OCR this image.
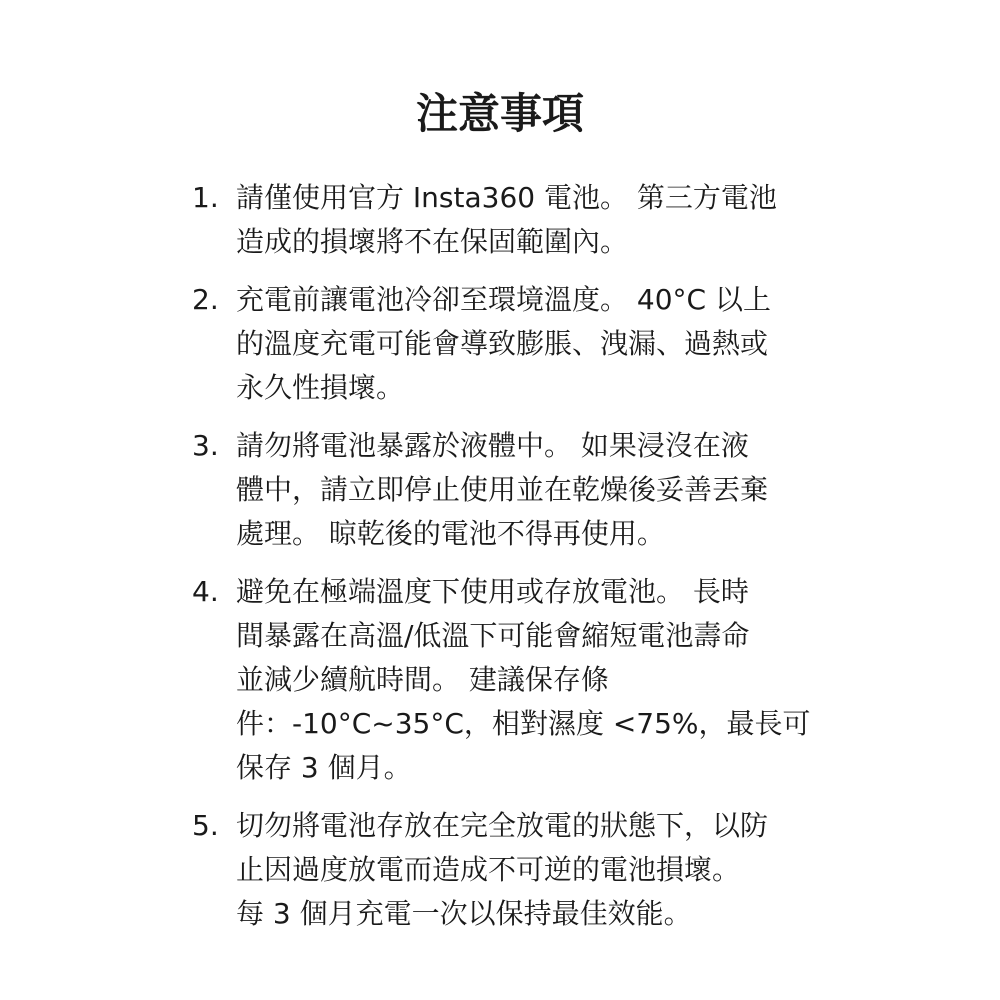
注意事項
1. 請僅使用官方 Insta360 電池。 第三方電池
造成的損壞將不在保固範圍內。
2. 充電前讓電池冷卻至環境溫度。 40°C 以上
的溫度充電可能會導致膨脹、洩漏、過熱或
永久性損壞。
3. 請勿將電池暴露於液體中。 如果浸沒在液
體中，請立即停止使用並在乾燥後妥善丟棄
處理。 晾乾後的電池不得再使用。
4. 避免在極端溫度下使用或存放電池。 長時
間暴露在高溫/低溫下可能會縮短電池壽命
並減少續航時間。 建議保存條
件：-10°C~35°C，相對濕度 <75%，最長可
保存 3 個月。
5. 切勿將電池存放在完全放電的狀態下，以防
止因過度放電而造成不可逆的電池損壞。
每 3 個月充電一次以保持最佳效能。
